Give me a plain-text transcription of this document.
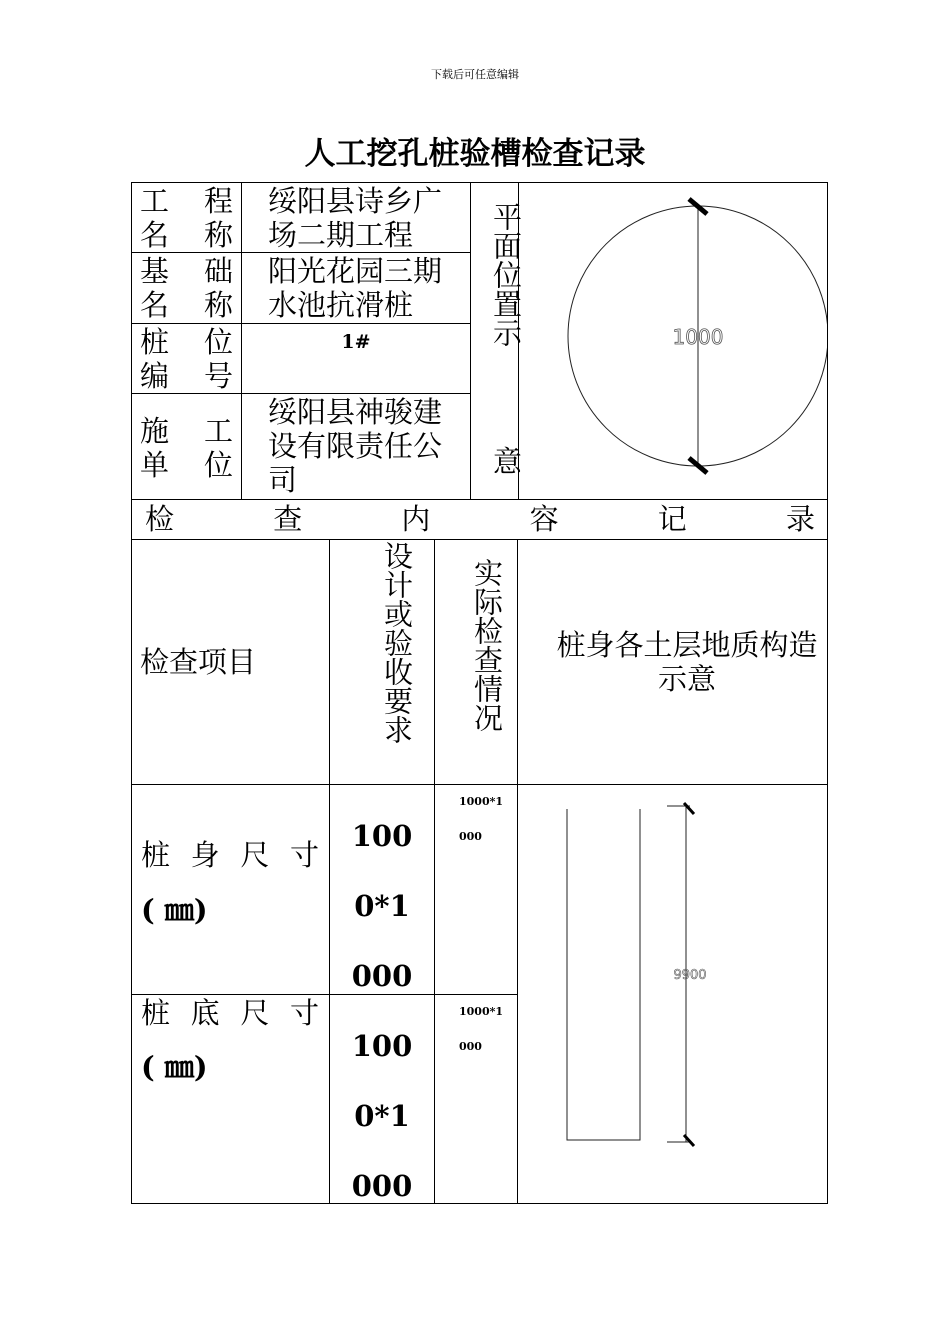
下载后可任意编辑
人工挖孔桩验槽检查记录
工 程 名称
绥阳县诗乡广场二期工程
基 础 名称
阳光花园三期水池抗滑桩
桩 位 编号
1#
施 工 单位
绥阳县神骏建设有限责任公司
平面位置示
意
1000
检查内容记录
检查项目	设计或验收要求 实际检查情况 桩身各土层地质构造示意
桩身尺寸
( ㎜)
100
0*1
000
1000*1
000
桩底尺寸
( ㎜)
100
0*1
000
1000*1
000
9900
